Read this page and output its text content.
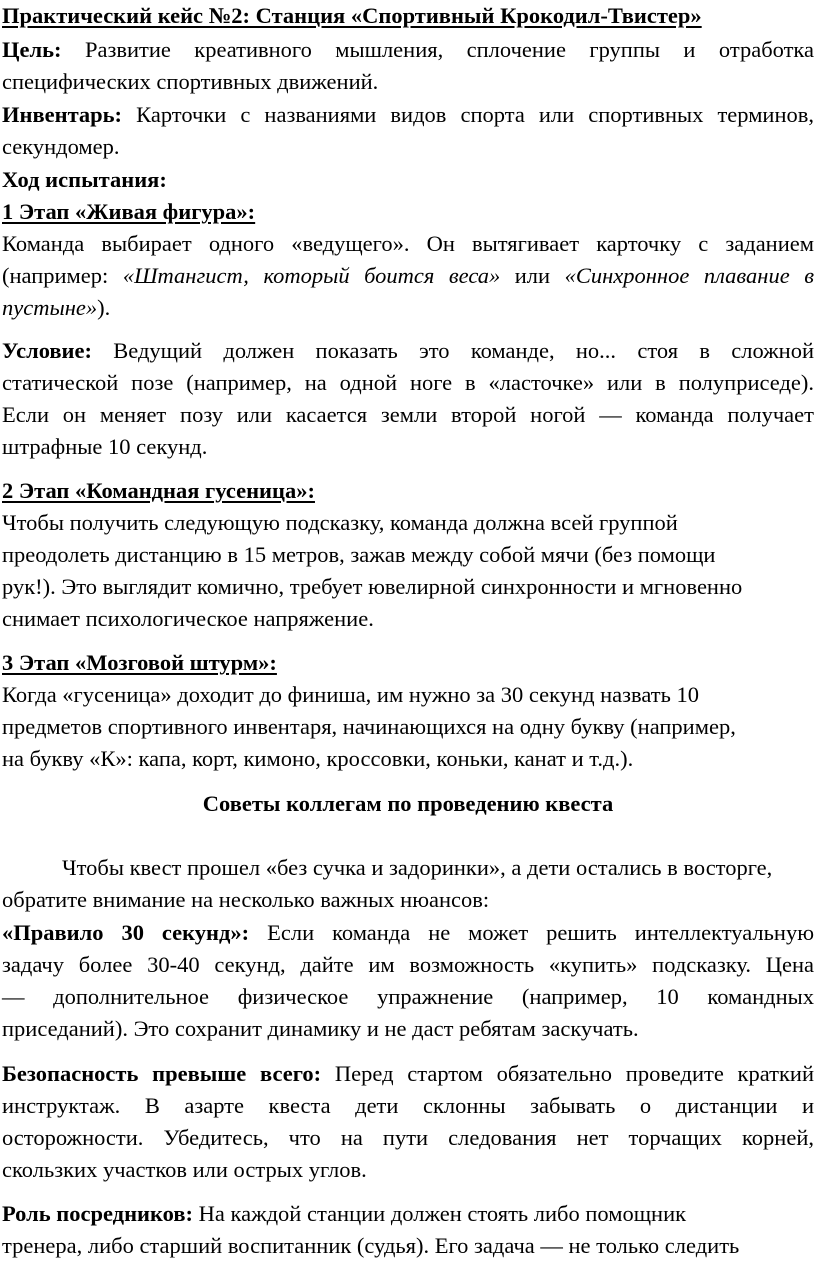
Практический кейс №2: Станция «Спортивный Крокодил-Твистер»
Цель: Развитие креативного мышления, сплочение группы и отработка
специфических спортивных движений.
Инвентарь: Карточки с названиями видов спорта или спортивных терминов,
секундомер.
Ход испытания:
1 Этап «Живая фигура»:
Команда выбирает одного «ведущего». Он вытягивает карточку с заданием
(например: «Штангист, который боится веса» или «Синхронное плавание в
пустыне»).
Условие: Ведущий должен показать это команде, но... стоя в сложной
статической позе (например, на одной ноге в «ласточке» или в полуприседе).
Если он меняет позу или касается земли второй ногой — команда получает
штрафные 10 секунд.
2 Этап «Командная гусеница»:
Чтобы получить следующую подсказку, команда должна всей группой
преодолеть дистанцию в 15 метров, зажав между собой мячи (без помощи
рук!). Это выглядит комично, требует ювелирной синхронности и мгновенно
снимает психологическое напряжение.
3 Этап «Мозговой штурм»:
Когда «гусеница» доходит до финиша, им нужно за 30 секунд назвать 10
предметов спортивного инвентаря, начинающихся на одну букву (например,
на букву «К»: капа, корт, кимоно, кроссовки, коньки, канат и т.д.).
Советы коллегам по проведению квеста
Чтобы квест прошел «без сучка и задоринки», а дети остались в восторге,
обратите внимание на несколько важных нюансов:
«Правило 30 секунд»: Если команда не может решить интеллектуальную
задачу более 30-40 секунд, дайте им возможность «купить» подсказку. Цена
— дополнительное физическое упражнение (например, 10 командных
приседаний). Это сохранит динамику и не даст ребятам заскучать.
Безопасность превыше всего: Перед стартом обязательно проведите краткий
инструктаж. В азарте квеста дети склонны забывать о дистанции и
осторожности. Убедитесь, что на пути следования нет торчащих корней,
скользких участков или острых углов.
Роль посредников: На каждой станции должен стоять либо помощник
тренера, либо старший воспитанник (судья). Его задача — не только следить
